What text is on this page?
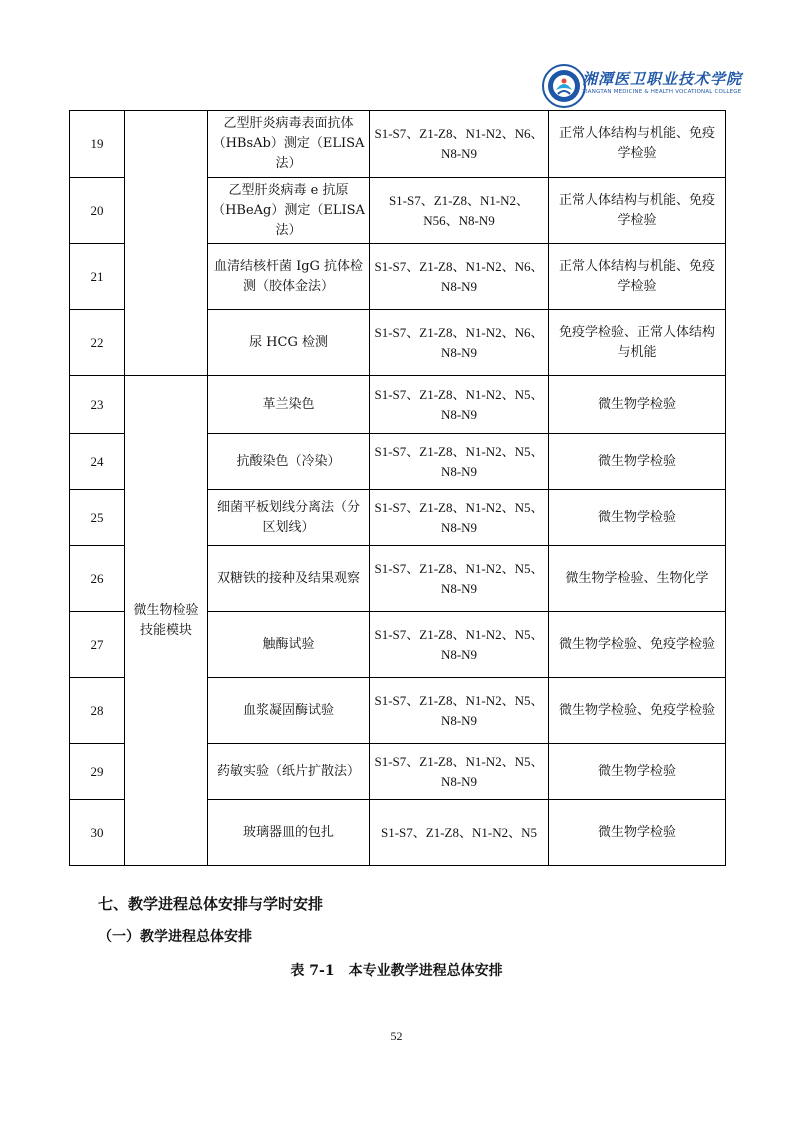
湘潭医卫职业技术学院
XIANGTAN MEDICINE & HEALTH VOCATIONAL COLLEGE
19		乙型肝炎病毒表面抗体（HBsAb）测定（ELISA法）	S1-S7、Z1-Z8、N1-N2、N6、N8-N9	正常人体结构与机能、免疫学检验
20		乙型肝炎病毒 e 抗原（HBeAg）测定（ELISA法）	S1-S7、Z1-Z8、N1-N2、N56、N8-N9	正常人体结构与机能、免疫学检验
21		血清结核杆菌 IgG 抗体检测（胶体金法）	S1-S7、Z1-Z8、N1-N2、N6、N8-N9	正常人体结构与机能、免疫学检验
22		尿 HCG 检测	S1-S7、Z1-Z8、N1-N2、N6、N8-N9	免疫学检验、正常人体结构与机能
23	微生物检验技能模块	革兰染色	S1-S7、Z1-Z8、N1-N2、N5、N8-N9	微生物学检验
24		抗酸染色（冷染）	S1-S7、Z1-Z8、N1-N2、N5、N8-N9	微生物学检验
25		细菌平板划线分离法（分区划线）	S1-S7、Z1-Z8、N1-N2、N5、N8-N9	微生物学检验
26		双糖铁的接种及结果观察	S1-S7、Z1-Z8、N1-N2、N5、N8-N9	微生物学检验、生物化学
27		触酶试验	S1-S7、Z1-Z8、N1-N2、N5、N8-N9	微生物学检验、免疫学检验
28		血浆凝固酶试验	S1-S7、Z1-Z8、N1-N2、N5、N8-N9	微生物学检验、免疫学检验
29		药敏实验（纸片扩散法）	S1-S7、Z1-Z8、N1-N2、N5、N8-N9	微生物学检验
30		玻璃器皿的包扎	S1-S7、Z1-Z8、N1-N2、N5	微生物学检验
七、教学进程总体安排与学时安排
（一）教学进程总体安排
表 7-1　本专业教学进程总体安排
52
